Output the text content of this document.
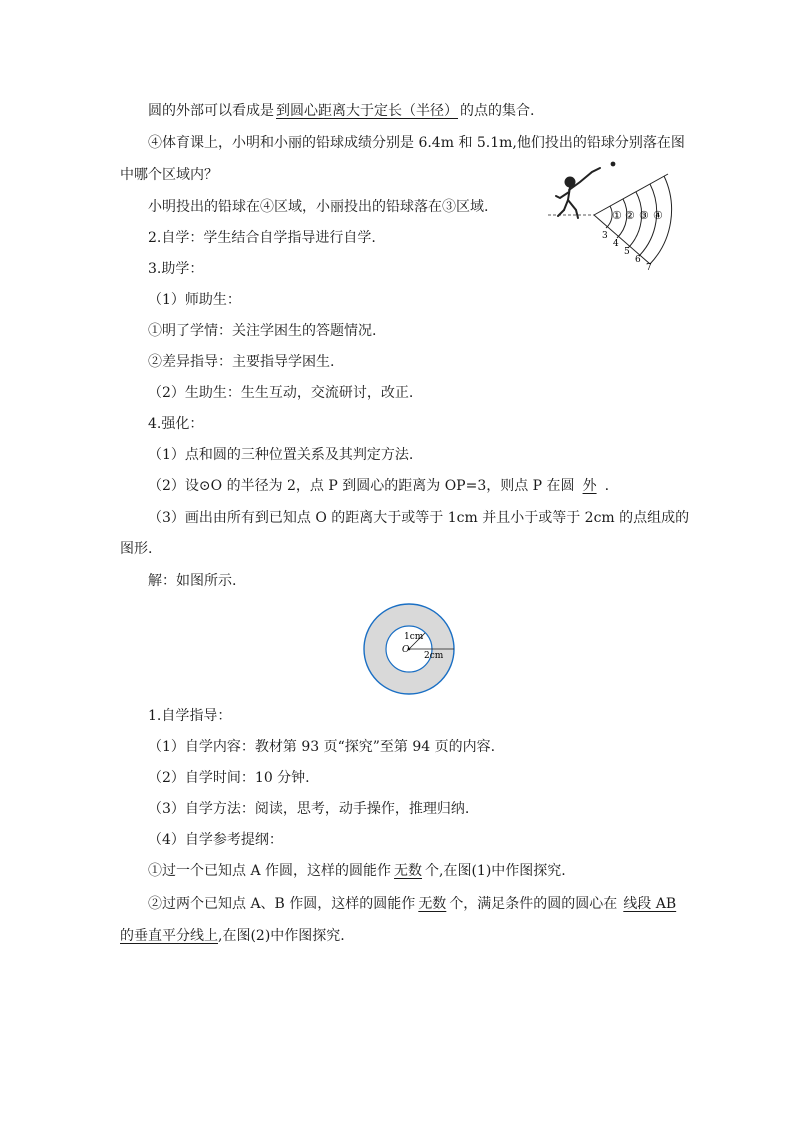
圆的外部可以看成是 到圆心距离大于定长（半径） 的点的集合.
④体育课上，小明和小丽的铅球成绩分别是 6.4m 和 5.1m,他们投出的铅球分别落在图
中哪个区域内？
小明投出的铅球在④区域，小丽投出的铅球落在③区域.
2.自学：学生结合自学指导进行自学.
3.助学：
（1）师助生：
①明了学情：关注学困生的答题情况.
②差异指导：主要指导学困生.
（2）生助生：生生互动，交流研讨，改正.
4.强化：
（1）点和圆的三种位置关系及其判定方法.
（2）设⊙O 的半径为 2，点 P 到圆心的距离为 OP=3，则点 P 在圆 外 .
（3）画出由所有到已知点 O 的距离大于或等于 1cm 并且小于或等于 2cm 的点组成的
图形.
解：如图所示.
O
1cm
2cm
1.自学指导：
（1）自学内容：教材第 93 页“探究”至第 94 页的内容.
（2）自学时间：10 分钟.
（3）自学方法：阅读，思考，动手操作，推理归纳.
（4）自学参考提纲：
①过一个已知点 A 作圆，这样的圆能作 无数 个,在图(1)中作图探究.
②过两个已知点 A、B 作圆，这样的圆能作 无数 个，满足条件的圆的圆心在 线段 AB
的垂直平分线上,在图(2)中作图探究.
① ② ③ ④
3
4
5
6
7
